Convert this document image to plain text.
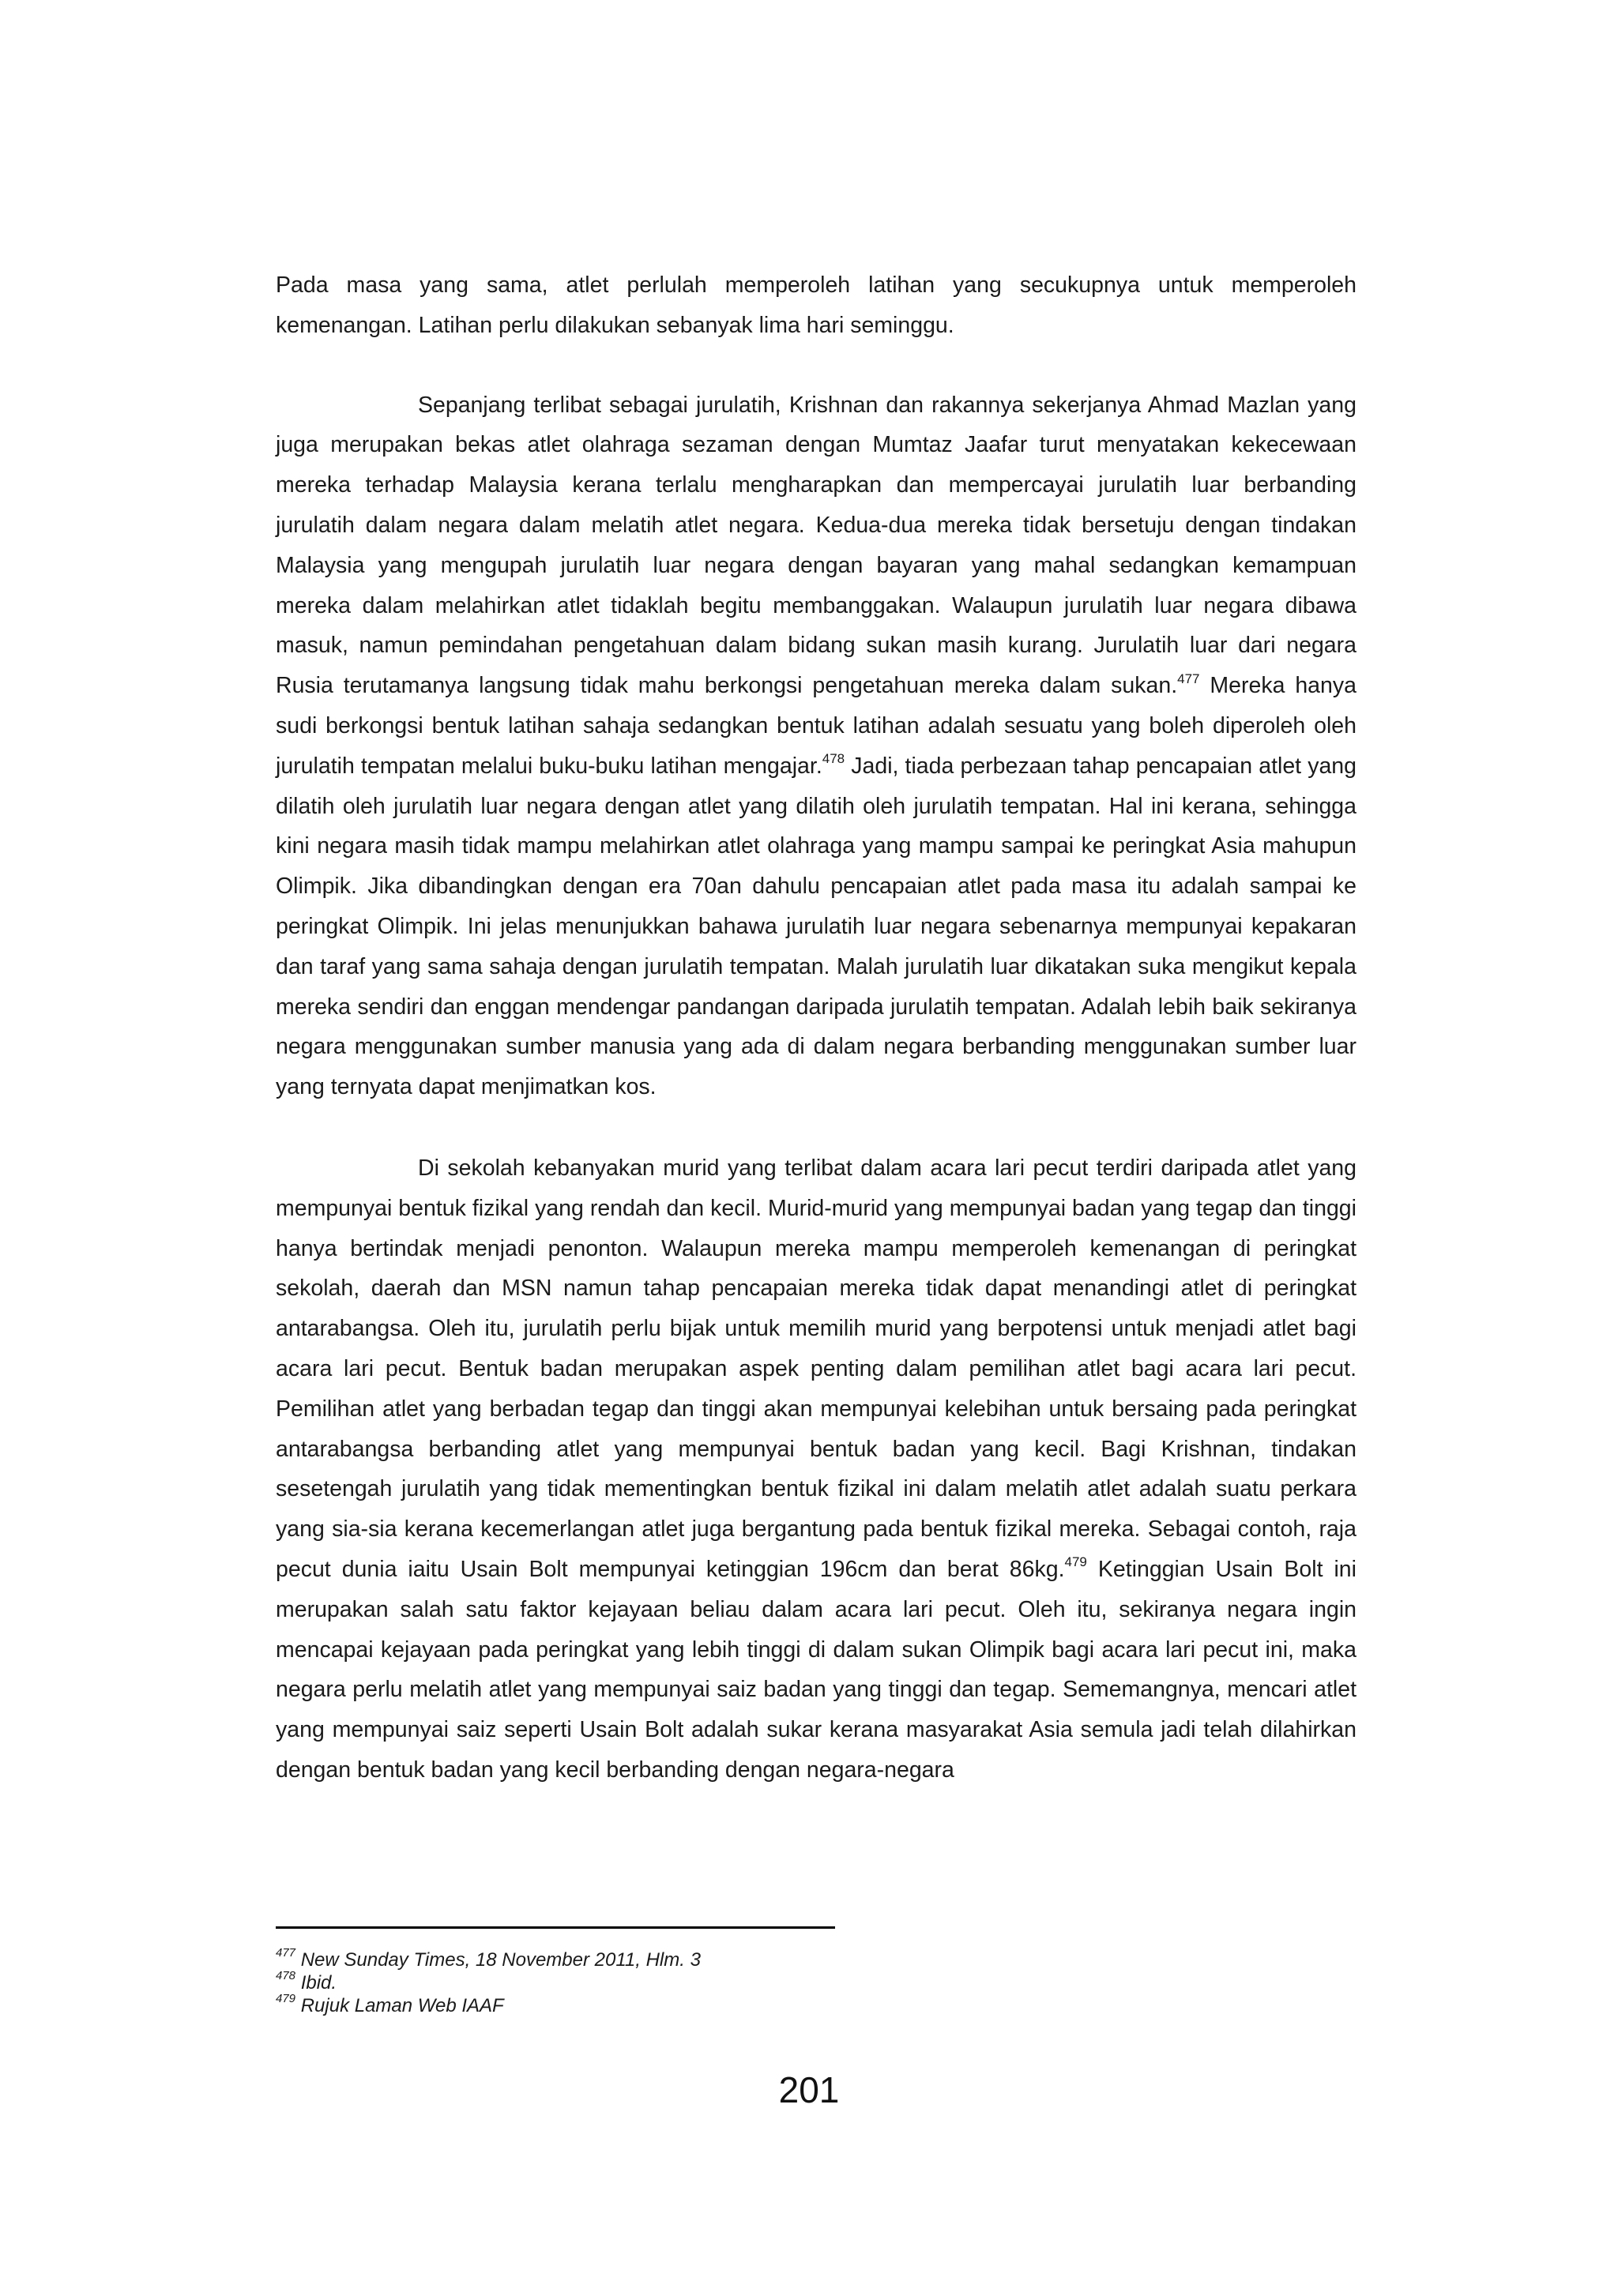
Pada masa yang sama, atlet perlulah memperoleh latihan yang secukupnya untuk memperoleh kemenangan. Latihan perlu dilakukan sebanyak lima hari seminggu.

Sepanjang terlibat sebagai jurulatih, Krishnan dan rakannya sekerjanya Ahmad Mazlan yang juga merupakan bekas atlet olahraga sezaman dengan Mumtaz Jaafar turut menyatakan kekecewaan mereka terhadap Malaysia kerana terlalu mengharapkan dan mempercayai jurulatih luar berbanding jurulatih dalam negara dalam melatih atlet negara. Kedua-dua mereka tidak bersetuju dengan tindakan Malaysia yang mengupah jurulatih luar negara dengan bayaran yang mahal sedangkan kemampuan mereka dalam melahirkan atlet tidaklah begitu membanggakan. Walaupun jurulatih luar negara dibawa masuk, namun pemindahan pengetahuan dalam bidang sukan masih kurang. Jurulatih luar dari negara Rusia terutamanya langsung tidak mahu berkongsi pengetahuan mereka dalam sukan.$^{477}$ Mereka hanya sudi berkongsi bentuk latihan sahaja sedangkan bentuk latihan adalah sesuatu yang boleh diperoleh oleh jurulatih tempatan melalui buku-buku latihan mengajar.$^{478}$ Jadi, tiada perbezaan tahap pencapaian atlet yang dilatih oleh jurulatih luar negara dengan atlet yang dilatih oleh jurulatih tempatan. Hal ini kerana, sehingga kini negara masih tidak mampu melahirkan atlet olahraga yang mampu sampai ke peringkat Asia mahupun Olimpik. Jika dibandingkan dengan era 70an dahulu pencapaian atlet pada masa itu adalah sampai ke peringkat Olimpik. Ini jelas menunjukkan bahawa jurulatih luar negara sebenarnya mempunyai kepakaran dan taraf yang sama sahaja dengan jurulatih tempatan. Malah jurulatih luar dikatakan suka mengikut kepala mereka sendiri dan enggan mendengar pandangan daripada jurulatih tempatan. Adalah lebih baik sekiranya negara menggunakan sumber manusia yang ada di dalam negara berbanding menggunakan sumber luar yang ternyata dapat menjimatkan kos.

Di sekolah kebanyakan murid yang terlibat dalam acara lari pecut terdiri daripada atlet yang mempunyai bentuk fizikal yang rendah dan kecil. Murid-murid yang mempunyai badan yang tegap dan tinggi hanya bertindak menjadi penonton. Walaupun mereka mampu memperoleh kemenangan di peringkat sekolah, daerah dan MSN namun tahap pencapaian mereka tidak dapat menandingi atlet di peringkat antarabangsa. Oleh itu, jurulatih perlu bijak untuk memilih murid yang berpotensi untuk menjadi atlet bagi acara lari pecut. Bentuk badan merupakan aspek penting dalam pemilihan atlet bagi acara lari pecut. Pemilihan atlet yang berbadan tegap dan tinggi akan mempunyai kelebihan untuk bersaing pada peringkat antarabangsa berbanding atlet yang mempunyai bentuk badan yang kecil. Bagi Krishnan, tindakan sesetengah jurulatih yang tidak mementingkan bentuk fizikal ini dalam melatih atlet adalah suatu perkara yang sia-sia kerana kecemerlangan atlet juga bergantung pada bentuk fizikal mereka. Sebagai contoh, raja pecut dunia iaitu Usain Bolt mempunyai ketinggian 196cm dan berat 86kg.$^{479}$ Ketinggian Usain Bolt ini merupakan salah satu faktor kejayaan beliau dalam acara lari pecut. Oleh itu, sekiranya negara ingin mencapai kejayaan pada peringkat yang lebih tinggi di dalam sukan Olimpik bagi acara lari pecut ini, maka negara perlu melatih atlet yang mempunyai saiz badan yang tinggi dan tegap. Sememangnya, mencari atlet yang mempunyai saiz seperti Usain Bolt adalah sukar kerana masyarakat Asia semula jadi telah dilahirkan dengan bentuk badan yang kecil berbanding dengan negara-negara

$^{477}$ New Sunday Times, 18 November 2011, Hlm. 3
$^{478}$ Ibid.
$^{479}$ Rujuk Laman Web IAAF
201
